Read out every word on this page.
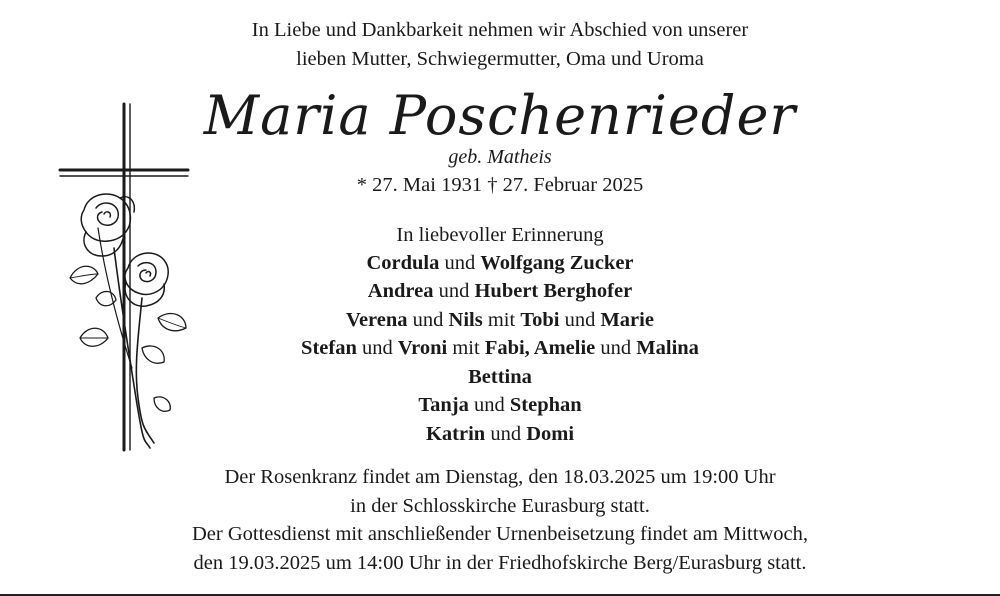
In Liebe und Dankbarkeit nehmen wir Abschied von unserer
lieben Mutter, Schwiegermutter, Oma und Uroma
Maria Poschenrieder
geb. Matheis
* 27. Mai 1931 † 27. Februar 2025
In liebevoller Erinnerung
Cordula und Wolfgang Zucker
Andrea und Hubert Berghofer
Verena und Nils mit Tobi und Marie
Stefan und Vroni mit Fabi, Amelie und Malina
Bettina
Tanja und Stephan
Katrin und Domi
Der Rosenkranz findet am Dienstag, den 18.03.2025 um 19:00 Uhr
in der Schlosskirche Eurasburg statt.
Der Gottesdienst mit anschließender Urnenbeisetzung findet am Mittwoch,
den 19.03.2025 um 14:00 Uhr in der Friedhofskirche Berg/Eurasburg statt.
